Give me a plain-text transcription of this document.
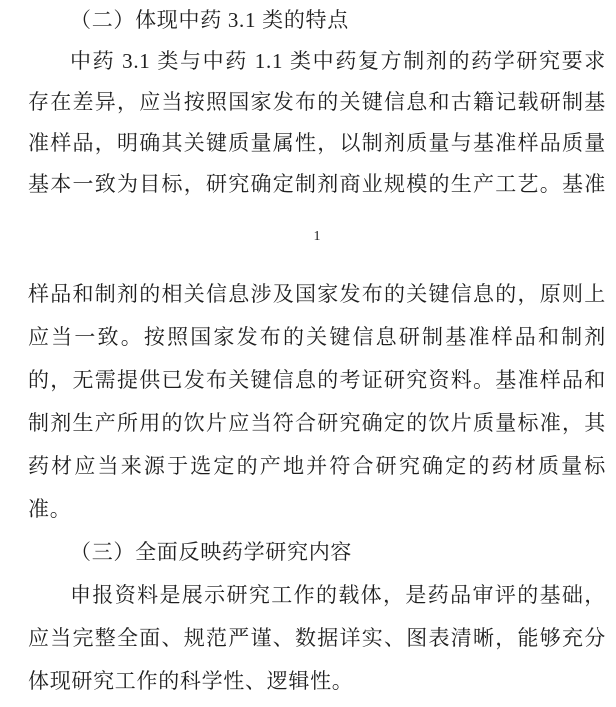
（二）体现中药 3.1 类的特点
中药 3.1 类与中药 1.1 类中药复方制剂的药学研究要求
存在差异，应当按照国家发布的关键信息和古籍记载研制基
准样品，明确其关键质量属性，以制剂质量与基准样品质量
基本一致为目标，研究确定制剂商业规模的生产工艺。基准
1
样品和制剂的相关信息涉及国家发布的关键信息的，原则上
应当一致。按照国家发布的关键信息研制基准样品和制剂
的，无需提供已发布关键信息的考证研究资料。基准样品和
制剂生产所用的饮片应当符合研究确定的饮片质量标准，其
药材应当来源于选定的产地并符合研究确定的药材质量标
准。
（三）全面反映药学研究内容
申报资料是展示研究工作的载体，是药品审评的基础，
应当完整全面、规范严谨、数据详实、图表清晰，能够充分
体现研究工作的科学性、逻辑性。
